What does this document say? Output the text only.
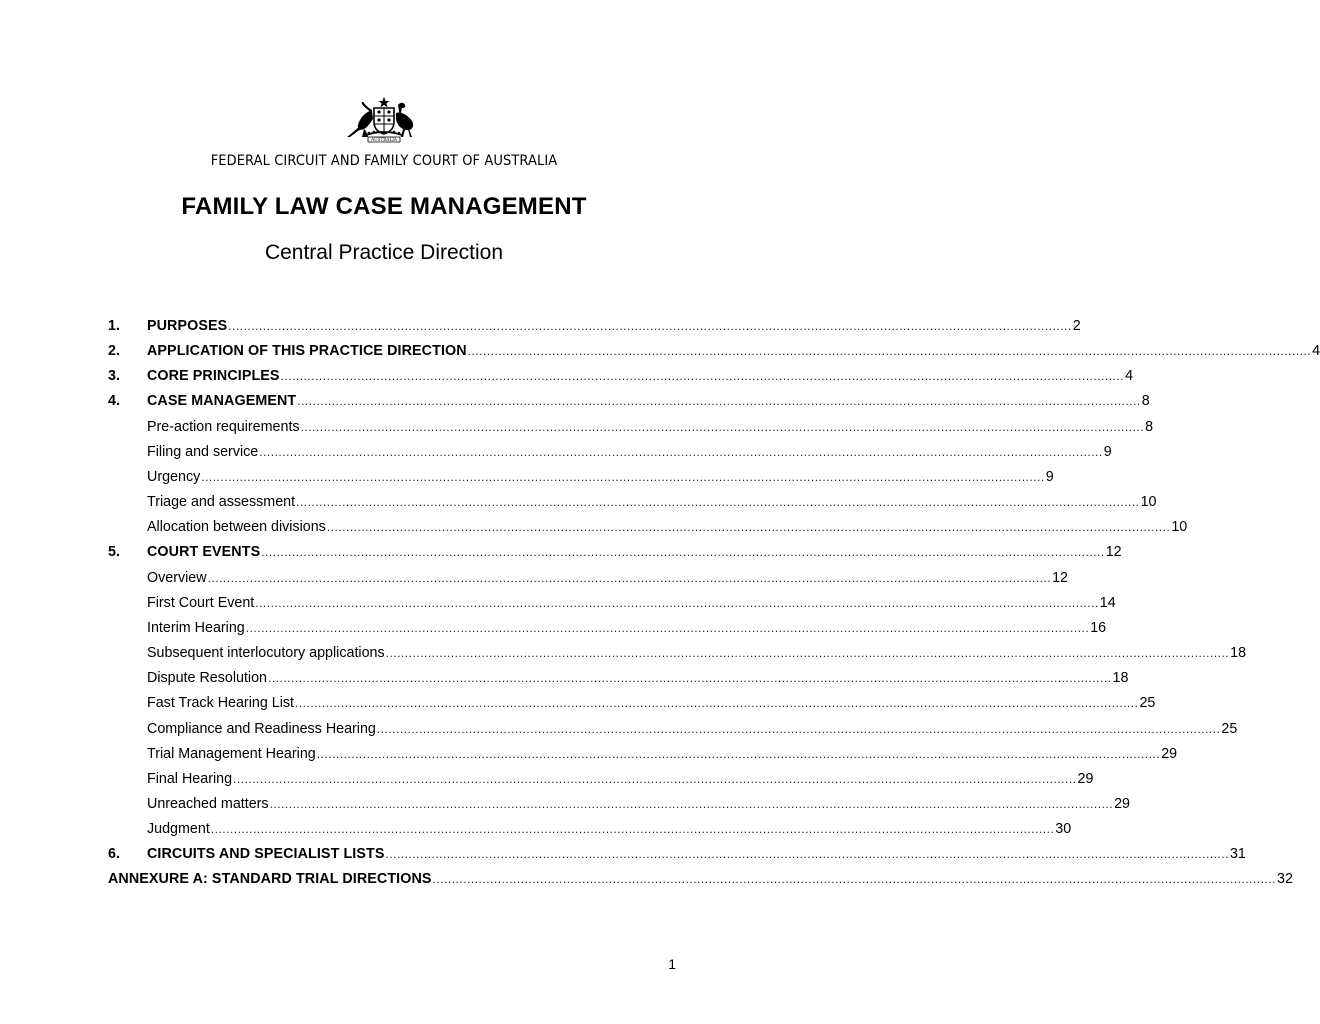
AUSTRALIA
FEDERAL CIRCUIT AND FAMILY COURT OF AUSTRALIA
FAMILY LAW CASE MANAGEMENT
Central Practice Direction
1.	PURPOSES ............................................................................................................................................................................................................................ 2
2.	APPLICATION OF THIS PRACTICE DIRECTION ............................................................................................................................................................................................................................ 4
3.	CORE PRINCIPLES ............................................................................................................................................................................................................................ 4
4.	CASE MANAGEMENT ............................................................................................................................................................................................................................ 8
Pre-action requirements ............................................................................................................................................................................................................................ 8
Filing and service ............................................................................................................................................................................................................................ 9
Urgency ............................................................................................................................................................................................................................ 9
Triage and assessment ............................................................................................................................................................................................................................ 10
Allocation between divisions ............................................................................................................................................................................................................................ 10
5.	COURT EVENTS ............................................................................................................................................................................................................................ 12
Overview ............................................................................................................................................................................................................................ 12
First Court Event ............................................................................................................................................................................................................................ 14
Interim Hearing ............................................................................................................................................................................................................................ 16
Subsequent interlocutory applications ............................................................................................................................................................................................................................ 18
Dispute Resolution ............................................................................................................................................................................................................................ 18
Fast Track Hearing List ............................................................................................................................................................................................................................ 25
Compliance and Readiness Hearing ............................................................................................................................................................................................................................ 25
Trial Management Hearing ............................................................................................................................................................................................................................ 29
Final Hearing ............................................................................................................................................................................................................................ 29
Unreached matters ............................................................................................................................................................................................................................ 29
Judgment ............................................................................................................................................................................................................................ 30
6.	CIRCUITS AND SPECIALIST LISTS ............................................................................................................................................................................................................................ 31
ANNEXURE A: STANDARD TRIAL DIRECTIONS ............................................................................................................................................................................................................................ 32
1
